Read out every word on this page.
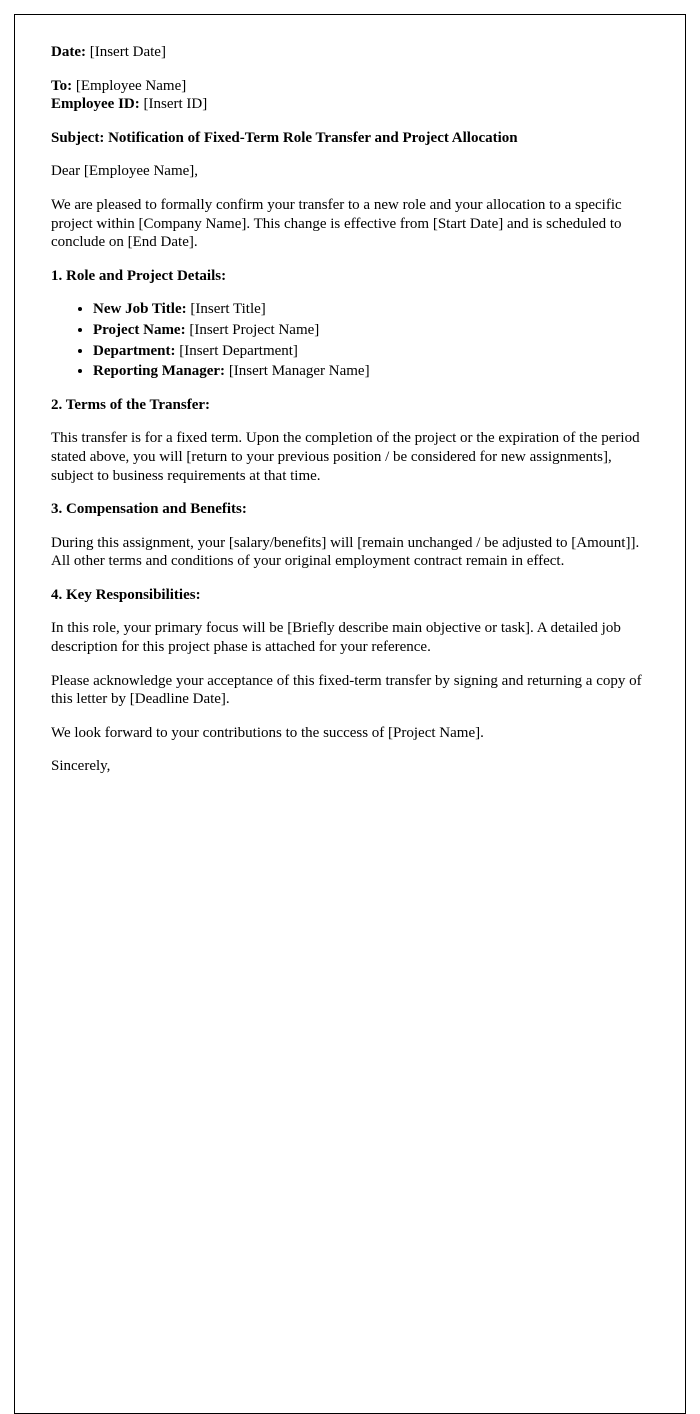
Date: [Insert Date]

To: [Employee Name]

Employee ID: [Insert ID]

Subject: Notification of Fixed-Term Role Transfer and Project Allocation

Dear [Employee Name],

We are pleased to formally confirm your transfer to a new role and your allocation to a specific project within [Company Name]. This change is effective from [Start Date] and is scheduled to conclude on [End Date].

1. Role and Project Details:

• New Job Title: [Insert Title]
• Project Name: [Insert Project Name]
• Department: [Insert Department]
• Reporting Manager: [Insert Manager Name]

2. Terms of the Transfer:

This transfer is for a fixed term. Upon the completion of the project or the expiration of the period stated above, you will [return to your previous position / be considered for new assignments], subject to business requirements at that time.

3. Compensation and Benefits:

During this assignment, your [salary/benefits] will [remain unchanged / be adjusted to [Amount]]. All other terms and conditions of your original employment contract remain in effect.

4. Key Responsibilities:

In this role, your primary focus will be [Briefly describe main objective or task]. A detailed job description for this project phase is attached for your reference.

Please acknowledge your acceptance of this fixed-term transfer by signing and returning a copy of this letter by [Deadline Date].

We look forward to your contributions to the success of [Project Name].

Sincerely,
